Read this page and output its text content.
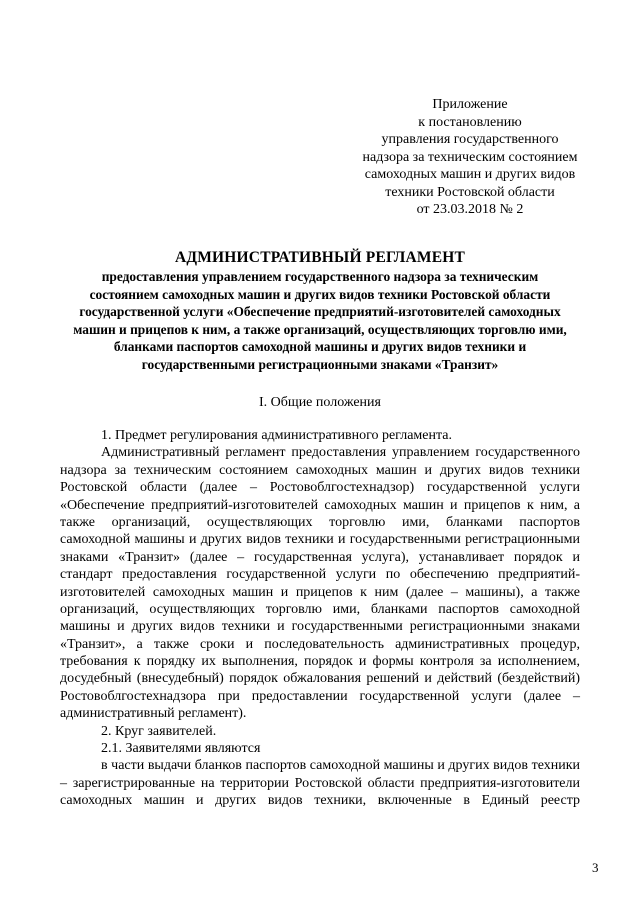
Приложение
к постановлению
управления государственного
надзора за техническим состоянием
самоходных машин и других видов
техники Ростовской области
от 23.03.2018 № 2
АДМИНИСТРАТИВНЫЙ РЕГЛАМЕНТ
предоставления управлением государственного надзора за техническим
состоянием самоходных машин и других видов техники Ростовской области
государственной услуги «Обеспечение предприятий-изготовителей самоходных
машин и прицепов к ним, а также организаций, осуществляющих торговлю ими,
бланками паспортов самоходной машины и других видов техники и
государственными регистрационными знаками «Транзит»
I. Общие положения
1. Предмет регулирования административного регламента.
Административный регламент предоставления управлением государственного
надзора за техническим состоянием самоходных машин и других видов техники
Ростовской области (далее – Ростовоблгостехнадзор) государственной услуги
«Обеспечение предприятий-изготовителей самоходных машин и прицепов к ним, а
также организаций, осуществляющих торговлю ими, бланками паспортов
самоходной машины и других видов техники и государственными регистрационными
знаками «Транзит» (далее – государственная услуга), устанавливает порядок и
стандарт предоставления государственной услуги по обеспечению предприятий-
изготовителей самоходных машин и прицепов к ним (далее – машины), а также
организаций, осуществляющих торговлю ими, бланками паспортов самоходной
машины и других видов техники и государственными регистрационными знаками
«Транзит», а также сроки и последовательность административных процедур,
требования к порядку их выполнения, порядок и формы контроля за исполнением,
досудебный (внесудебный) порядок обжалования решений и действий (бездействий)
Ростовоблгостехнадзора при предоставлении государственной услуги (далее –
административный регламент).
2. Круг заявителей.
2.1. Заявителями являются
в части выдачи бланков паспортов самоходной машины и других видов техники
– зарегистрированные на территории Ростовской области предприятия-изготовители
самоходных машин и других видов техники, включенные в Единый реестр
3
